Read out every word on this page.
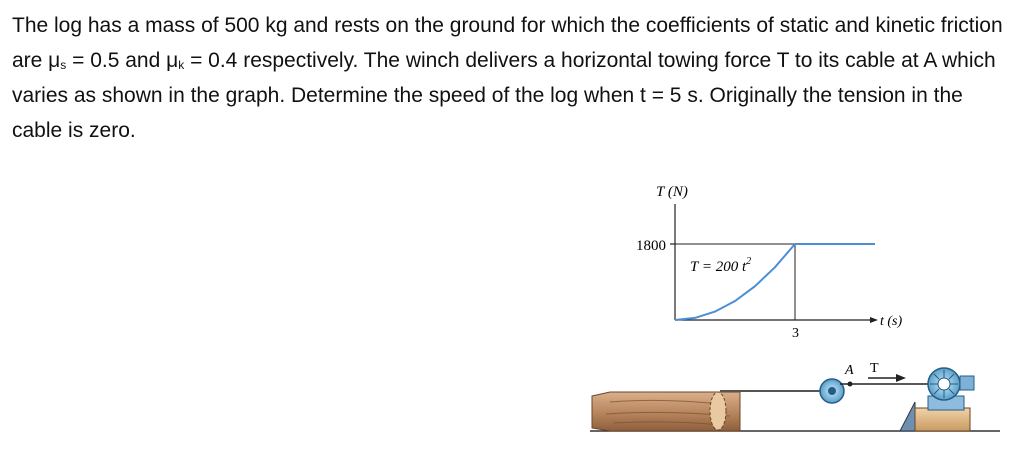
The log has a mass of 500 kg and rests on the ground for which the coefficients of static and kinetic friction are $\mu_s = 0.5$ and $\mu_k = 0.4$ respectively. The winch delivers a horizontal towing force T to its cable at A which varies as shown in the graph. Determine the speed of the log when t = 5 s. Originally the tension in the cable is zero.

T (N)
t (s)
1800
3
T = 200 $t^2$
A T
